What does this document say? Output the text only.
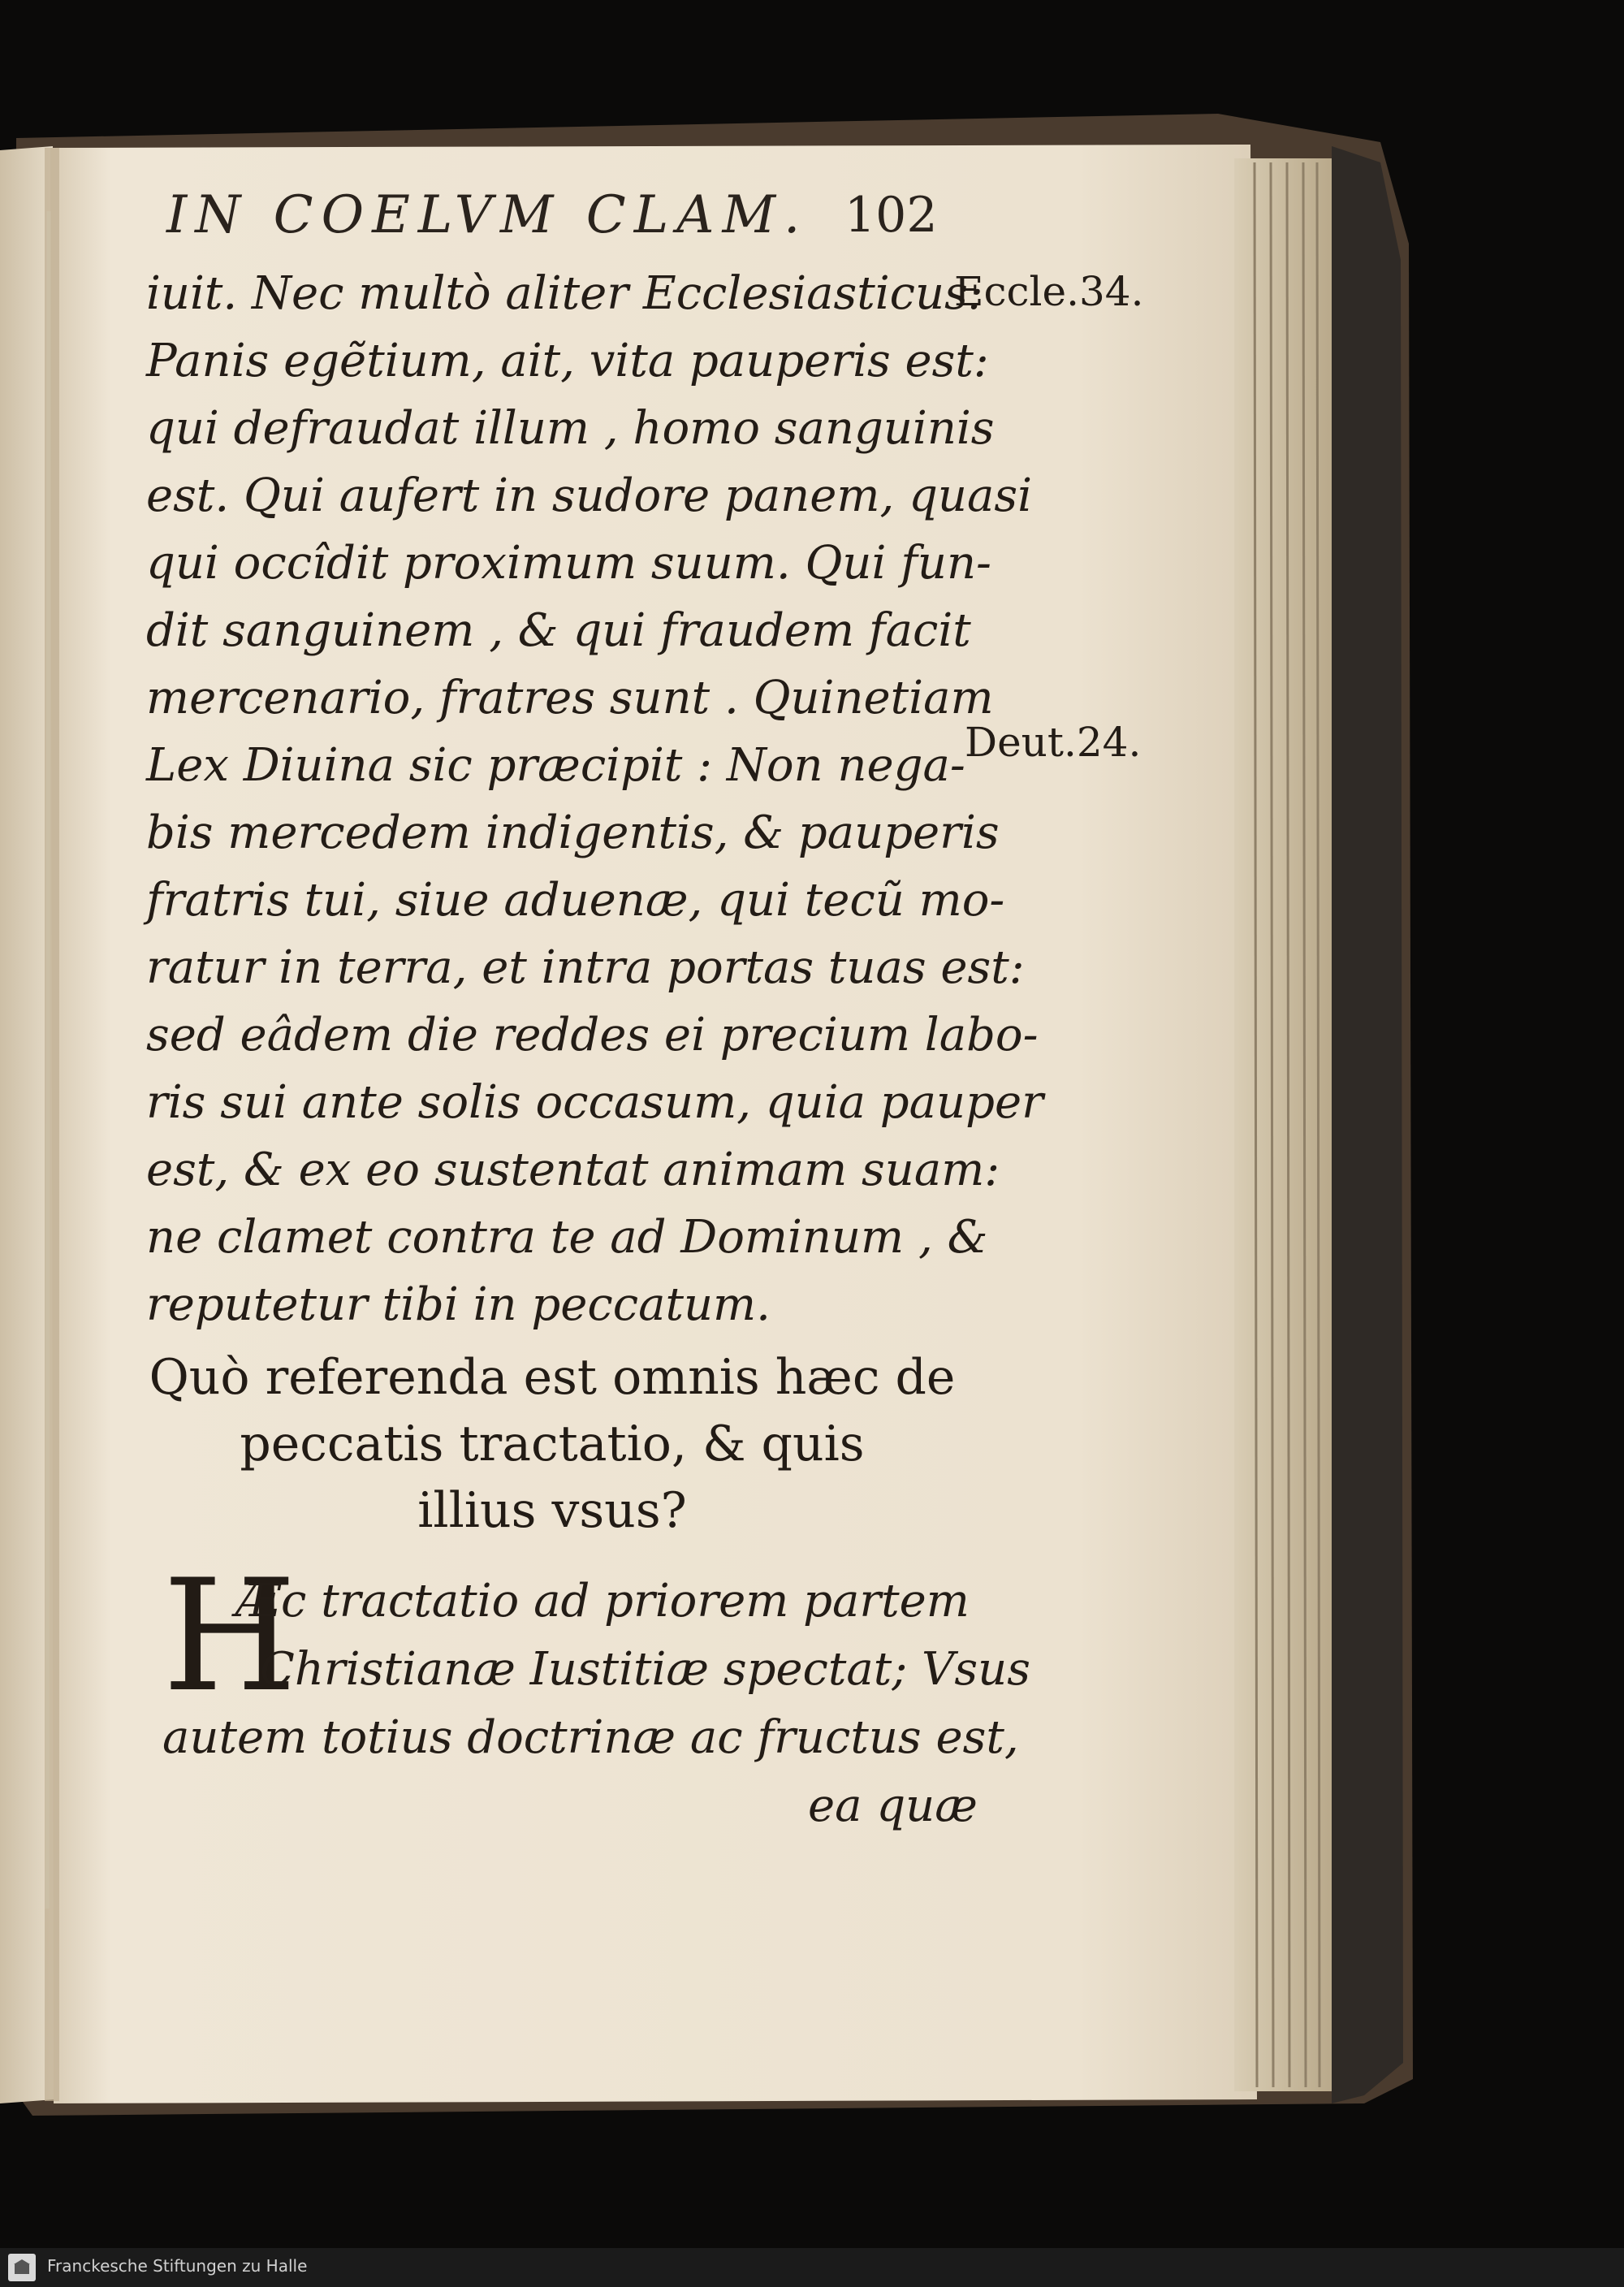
IN COELVM CLAM. 102
Eccle.34.
Deut.24.
iuit. Nec multò aliter Ecclesiasticus:
Panis egẽtium, ait, vita pauperis est:
qui defraudat illum , homo sanguinis
est. Qui aufert in sudore panem, quasi
qui occîdit proximum suum. Qui fun-
dit sanguinem , & qui fraudem facit
mercenario, fratres sunt . Quinetiam
Lex Diuina sic præcipit : Non nega-
bis mercedem indigentis, & pauperis
fratris tui, siue aduenæ, qui tecũ mo-
ratur in terra, et intra portas tuas est:
sed eâdem die reddes ei precium labo-
ris sui ante solis occasum, quia pauper
est, & ex eo sustentat animam suam:
ne clamet contra te ad Dominum , &
reputetur tibi in peccatum.
Quò referenda est omnis hæc de
peccatis tractatio, & quis
illius vsus?
H
Æc tractatio ad priorem partem
Christianæ Iustitiæ spectat; Vsus
autem totius doctrinæ ac fructus est,
ea quæ
Franckesche Stiftungen zu Halle
